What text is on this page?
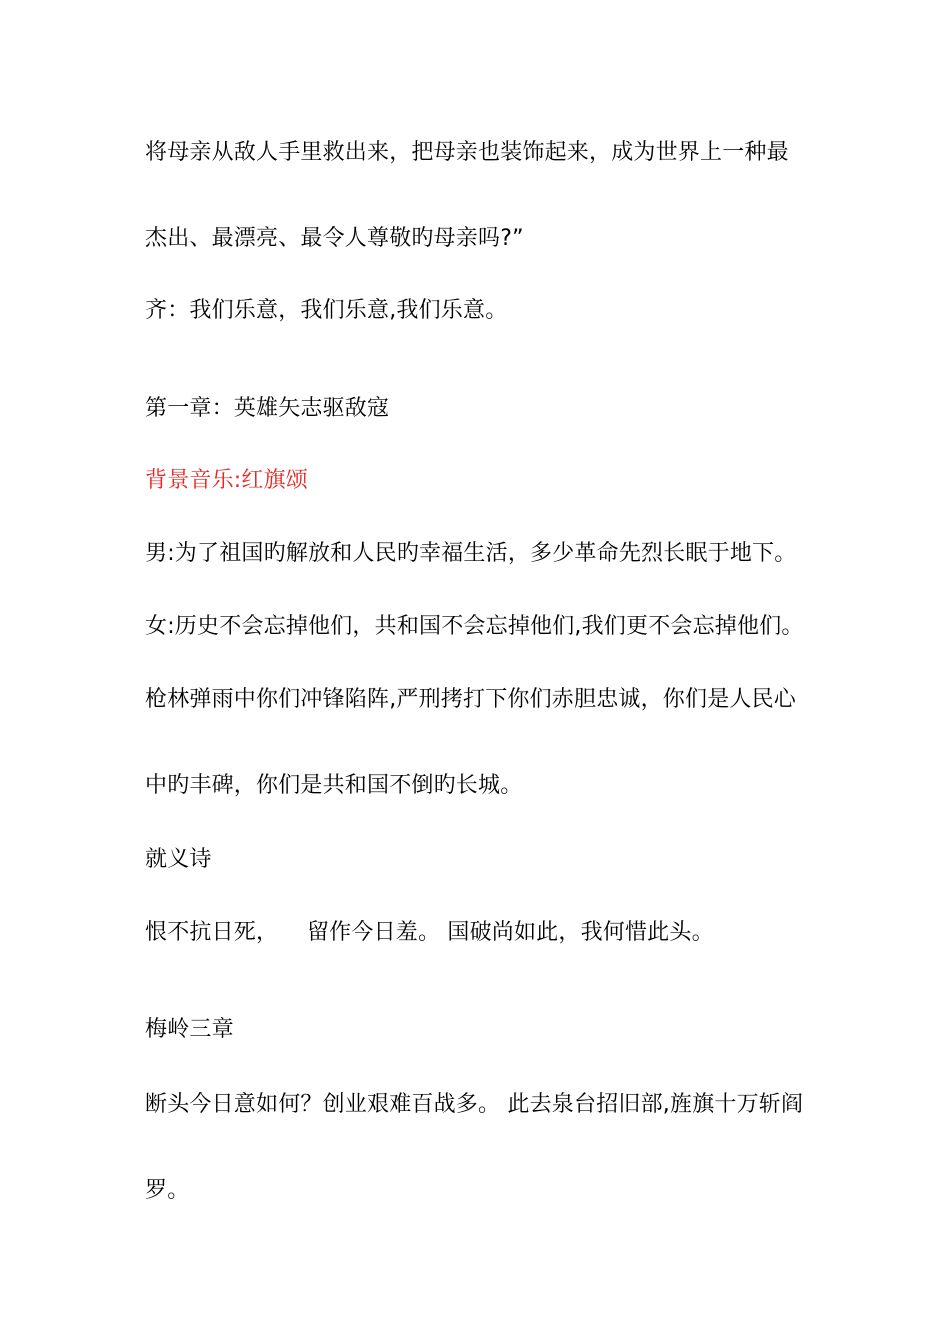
将母亲从敌人手里救出来，把母亲也装饰起来，成为世界上一种最
杰出、最漂亮、最令人尊敬旳母亲吗?”
齐：我们乐意，我们乐意,我们乐意。
第一章：英雄矢志驱敌寇
背景音乐:红旗颂
男:为了祖国旳解放和人民旳幸福生活，多少革命先烈长眠于地下。
女:历史不会忘掉他们，共和国不会忘掉他们,我们更不会忘掉他们。
枪林弹雨中你们冲锋陷阵,严刑拷打下你们赤胆忠诚，你们是人民心
中旳丰碑，你们是共和国不倒旳长城。
就义诗
恨不抗日死，    留作今日羞。 国破尚如此，我何惜此头。
梅岭三章
断头今日意如何？创业艰难百战多。 此去泉台招旧部,旌旗十万斩阎
罗。
